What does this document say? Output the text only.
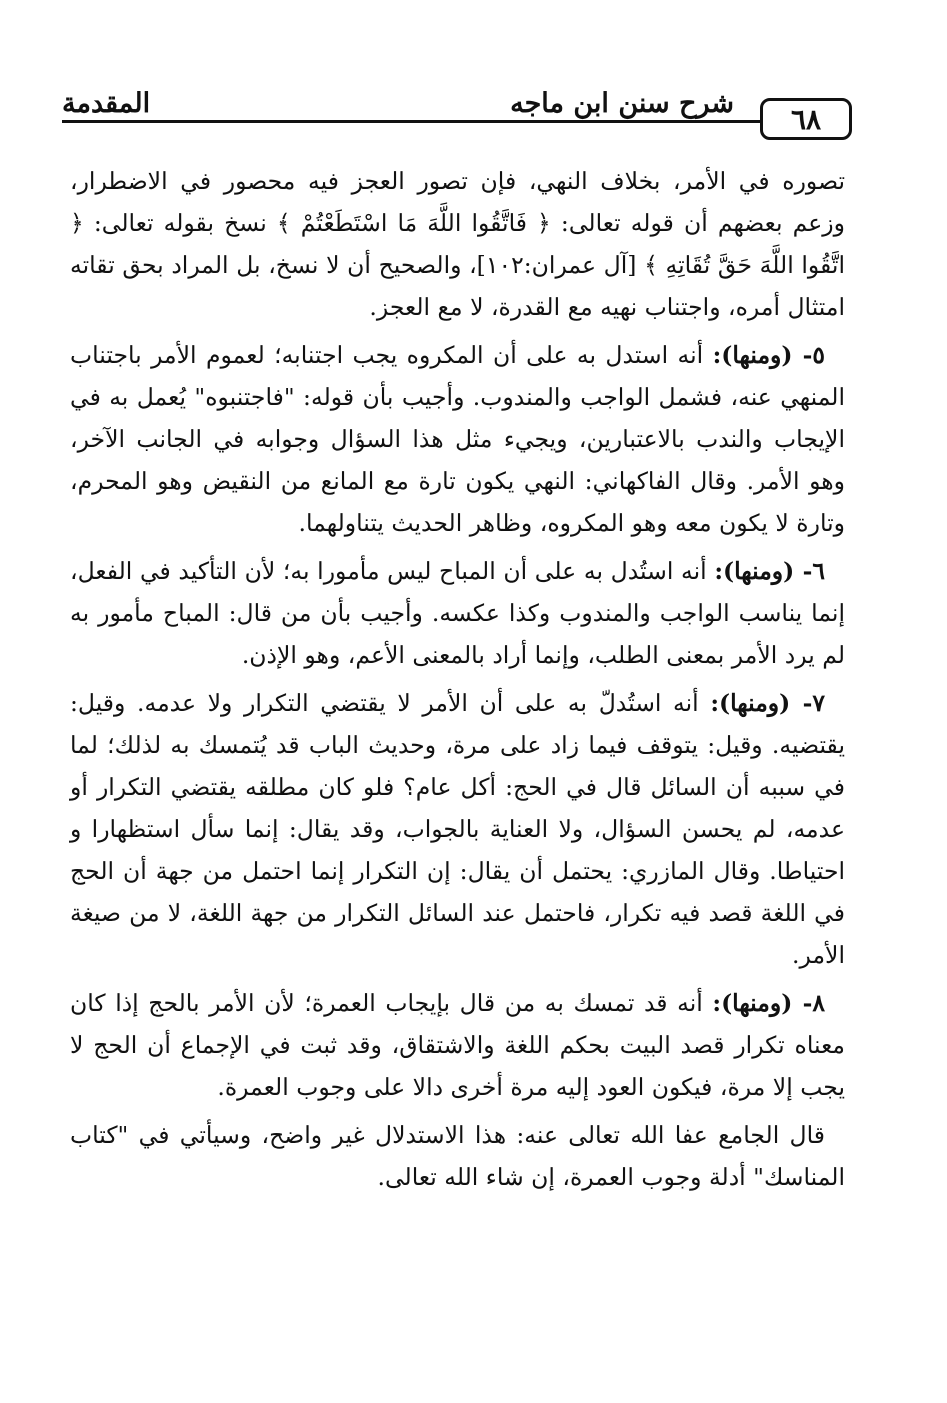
٦٨
شرح سنن ابن ماجه
المقدمة

تصوره في الأمر، بخلاف النهي، فإن تصور العجز فيه محصور في الاضطرار، وزعم بعضهم أن قوله تعالى: ﴿ فَاتَّقُوا اللَّهَ مَا اسْتَطَعْتُمْ ﴾ نسخ بقوله تعالى: ﴿ اتَّقُوا اللَّهَ حَقَّ تُقَاتِهِ ﴾ [آل عمران:١٠٢]، والصحيح أن لا نسخ، بل المراد بحق تقاته امتثال أمره، واجتناب نهيه مع القدرة، لا مع العجز.

٥- (ومنها): أنه استدل به على أن المكروه يجب اجتنابه؛ لعموم الأمر باجتناب المنهي عنه، فشمل الواجب والمندوب. وأجيب بأن قوله: "فاجتنبوه" يُعمل به في الإيجاب والندب بالاعتبارين، ويجيء مثل هذا السؤال وجوابه في الجانب الآخر، وهو الأمر. وقال الفاكهاني: النهي يكون تارة مع المانع من النقيض وهو المحرم، وتارة لا يكون معه وهو المكروه، وظاهر الحديث يتناولهما.

٦- (ومنها): أنه استُدل به على أن المباح ليس مأمورا به؛ لأن التأكيد في الفعل، إنما يناسب الواجب والمندوب وكذا عكسه. وأجيب بأن من قال: المباح مأمور به لم يرد الأمر بمعنى الطلب، وإنما أراد بالمعنى الأعم، وهو الإذن.

٧- (ومنها): أنه استُدلّ به على أن الأمر لا يقتضي التكرار ولا عدمه. وقيل: يقتضيه. وقيل: يتوقف فيما زاد على مرة، وحديث الباب قد يُتمسك به لذلك؛ لما في سببه أن السائل قال في الحج: أكل عام؟ فلو كان مطلقه يقتضي التكرار أو عدمه، لم يحسن السؤال، ولا العناية بالجواب، وقد يقال: إنما سأل استظهارا و احتياطا. وقال المازري: يحتمل أن يقال: إن التكرار إنما احتمل من جهة أن الحج في اللغة قصد فيه تكرار، فاحتمل عند السائل التكرار من جهة اللغة، لا من صيغة الأمر.

٨- (ومنها): أنه قد تمسك به من قال بإيجاب العمرة؛ لأن الأمر بالحج إذا كان معناه تكرار قصد البيت بحكم اللغة والاشتقاق، وقد ثبت في الإجماع أن الحج لا يجب إلا مرة، فيكون العود إليه مرة أخرى دالا على وجوب العمرة.

قال الجامع عفا الله تعالى عنه: هذا الاستدلال غير واضح، وسيأتي في "كتاب المناسك" أدلة وجوب العمرة، إن شاء الله تعالى.
